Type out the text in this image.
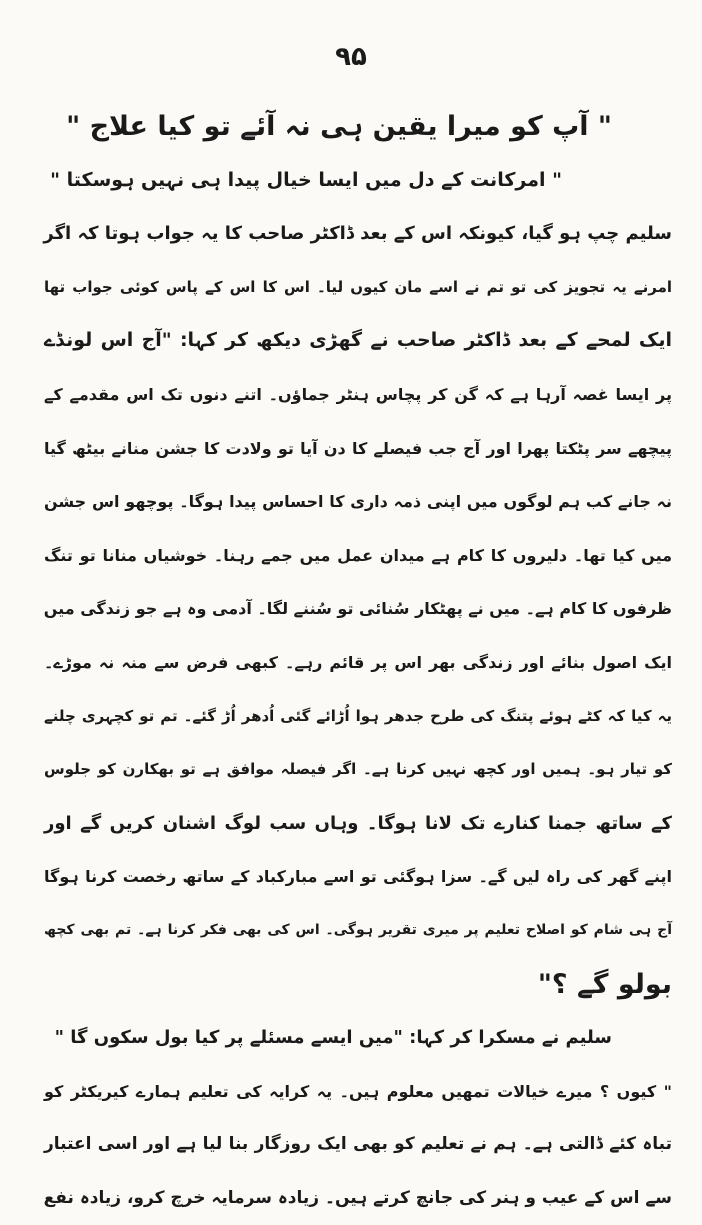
۹۵
" آپ کو میرا یقین ہی نہ آئے تو کیا علاج "
" امرکانت کے دل میں ایسا خیال پیدا ہی نہیں ہوسکتا "
سلیم چپ ہو گیا، کیونکہ اس کے بعد ڈاکٹر صاحب کا یہ جواب ہوتا کہ اگر
امرنے یہ تجویز کی تو تم نے اسے مان کیوں لیا۔ اس کا اس کے پاس کوئی جواب تھا
ایک لمحے کے بعد ڈاکٹر صاحب نے گھڑی دیکھ کر کہا: "آج اس لونڈے
پر ایسا غصہ آرہا ہے کہ گن کر پچاس ہنٹر جماؤں۔ اتنے دنوں تک اس مقدمے کے
پیچھے سر پٹکتا پھرا اور آج جب فیصلے کا دن آیا تو ولادت کا جشن منانے بیٹھ گیا
نہ جانے کب ہم لوگوں میں اپنی ذمہ داری کا احساس پیدا ہوگا۔ پوچھو اس جشن
میں کیا تھا۔ دلیروں کا کام ہے میدان عمل میں جمے رہنا۔ خوشیاں منانا تو تنگ
ظرفوں کا کام ہے۔ میں نے پھٹکار سُنائی تو سُننے لگا۔ آدمی وہ ہے جو زندگی میں
ایک اصول بنائے اور زندگی بھر اس پر قائم رہے۔ کبھی فرض سے منہ نہ موڑے۔
یہ کیا کہ کٹے ہوئے پتنگ کی طرح جدھر ہوا اُڑائے گئی اُدھر اُڑ گئے۔ تم تو کچہری چلنے
کو تیار ہو۔ ہمیں اور کچھ نہیں کرنا ہے۔ اگر فیصلہ موافق ہے تو بھکارن کو جلوس
کے ساتھ جمنا کنارے تک لانا ہوگا۔ وہاں سب لوگ اشنان کریں گے اور
اپنے گھر کی راہ لیں گے۔ سزا ہوگئی تو اسے مبارکباد کے ساتھ رخصت کرنا ہوگا
آج ہی شام کو اصلاح تعلیم پر میری تقریر ہوگی۔ اس کی بھی فکر کرنا ہے۔ تم بھی کچھ
بولو گے ؟"
سلیم نے مسکرا کر کہا: "میں ایسے مسئلے پر کیا بول سکوں گا "
" کیوں ؟ میرے خیالات تمھیں معلوم ہیں۔ یہ کرایہ کی تعلیم ہمارے کیریکٹر کو
تباہ کئے ڈالتی ہے۔ ہم نے تعلیم کو بھی ایک روزگار بنا لیا ہے اور اسی اعتبار
سے اس کے عیب و ہنر کی جانچ کرتے ہیں۔ زیادہ سرمایہ خرچ کرو، زیادہ نفع
